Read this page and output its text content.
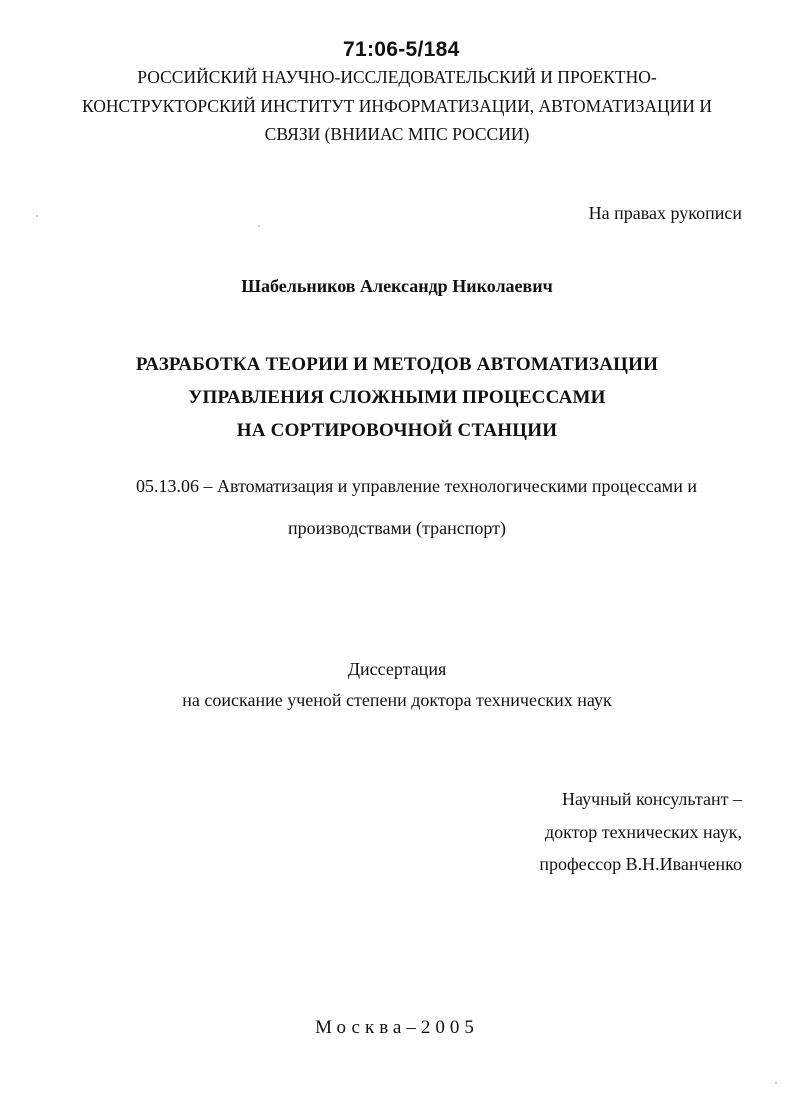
71:06-5/184
РОССИЙСКИЙ НАУЧНО-ИССЛЕДОВАТЕЛЬСКИЙ И ПРОЕКТНО-
КОНСТРУКТОРСКИЙ ИНСТИТУТ ИНФОРМАТИЗАЦИИ, АВТОМАТИЗАЦИИ И
СВЯЗИ (ВНИИАС МПС РОССИИ)
На правах рукописи
Шабельников Александр Николаевич
РАЗРАБОТКА ТЕОРИИ И МЕТОДОВ АВТОМАТИЗАЦИИ
УПРАВЛЕНИЯ СЛОЖНЫМИ ПРОЦЕССАМИ
НА СОРТИРОВОЧНОЙ СТАНЦИИ
05.13.06 – Автоматизация и управление технологическими процессами и
производствами (транспорт)
Диссертация
на соискание ученой степени доктора технических наук
Научный консультант –
доктор технических наук,
профессор В.Н.Иванченко
Москва–2005
